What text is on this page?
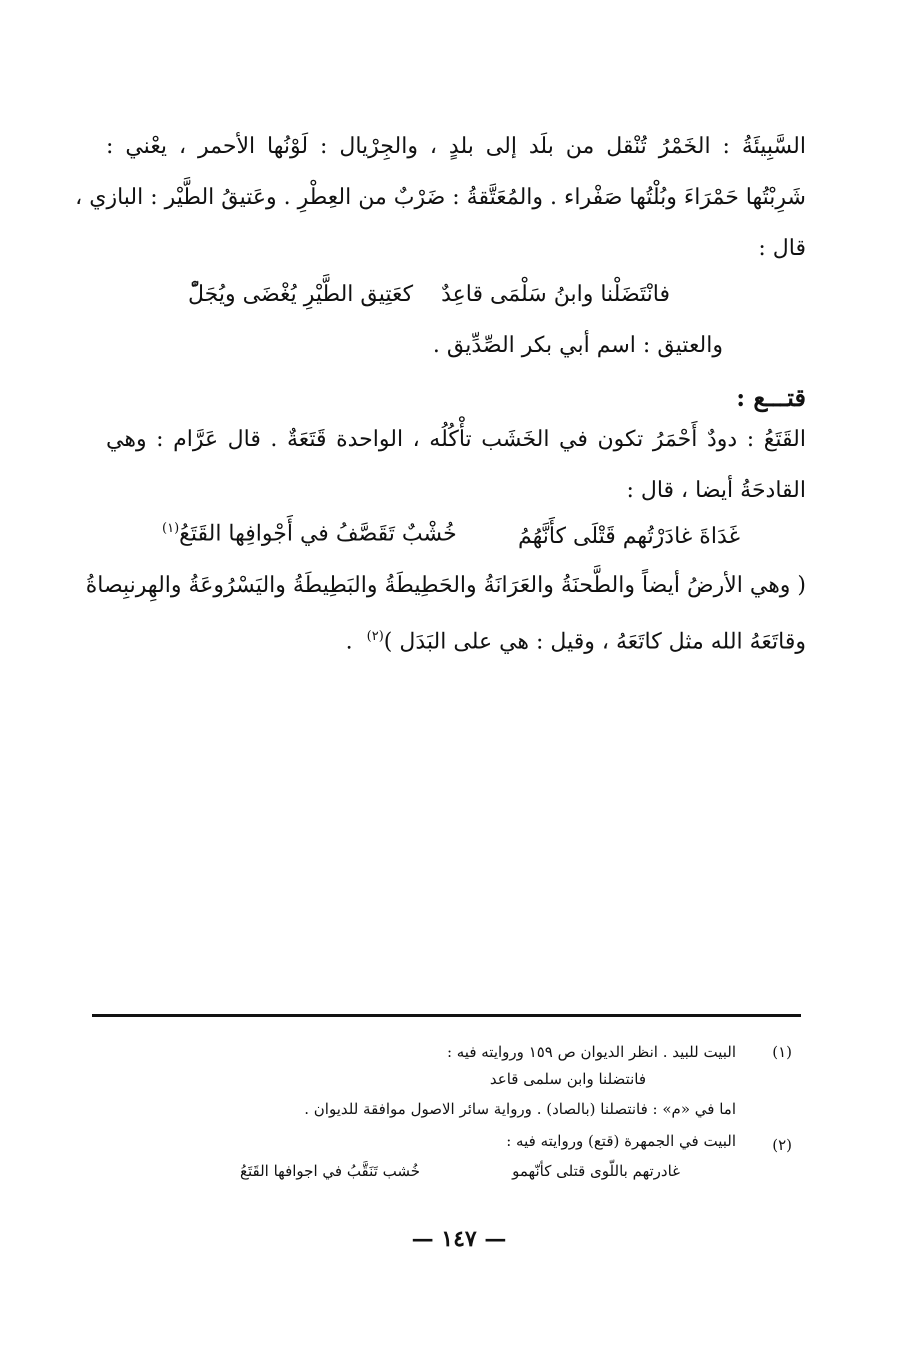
السَّبِيئَةُ : الخَمْرُ تُنْقل من بلَد إلى بلدٍ ، والجِرْيال : لَوْنُها الأحمر ، يعْني :
شَرِبْتُها حَمْرَاءَ وبُلْتُها صَفْراء . والمُعَتَّقةُ : ضَرْبٌ من العِطْرِ . وعَتيقُ الطَّيْر : البازي ،
قال :
فانْتَضَلْنا وابنُ سَلْمَى قاعِدٌ
كعَتِيق الطَّيْرِ يُغْضَى ويُجَلّْ
والعتيق : اسم أبي بكر الصِّدِّيق .
قتـــع :
القَتَعُ : دودٌ أَحْمَرُ تكون في الخَشَب تأْكُلُه ، الواحدة قَتَعَةٌ . قال عَرَّام : وهي
القادحَةُ أيضا ، قال :
غَدَاةَ غادَرْتُهم قَتْلَى كأَنَّهُمُ
خُشْبٌ تَقَصَّفُ في أَجْوافِها القَتَعُ$^{(١)}$
( وهي الأرضُ أيضاً والطَّحنَةُ والعَرَانَةُ والحَطِيطَةُ والبَطِيطَةُ واليَسْرُوعَةُ والهِرنبِصاةُ
وقاتَعَهُ الله مثل كاتَعَهُ ، وقيل : هي على البَدَل )$^{(٢)}$  .
(١)
البيت للبيد . انظر الديوان ص ١٥٩ وروايته فيه :
فانتضلنا وابن سلمى قاعد
اما في «م» : فانتصلنا (بالصاد) . ورواية سائر الاصول موافقة للديوان .
(٢)
البيت في الجمهرة (قتع) وروايته فيه :
غادرتهم باللّوى قتلى كأنّهمو
خُشب تَنَقَّبُ في اجوافها القَتَعُ
— ١٤٧ —
